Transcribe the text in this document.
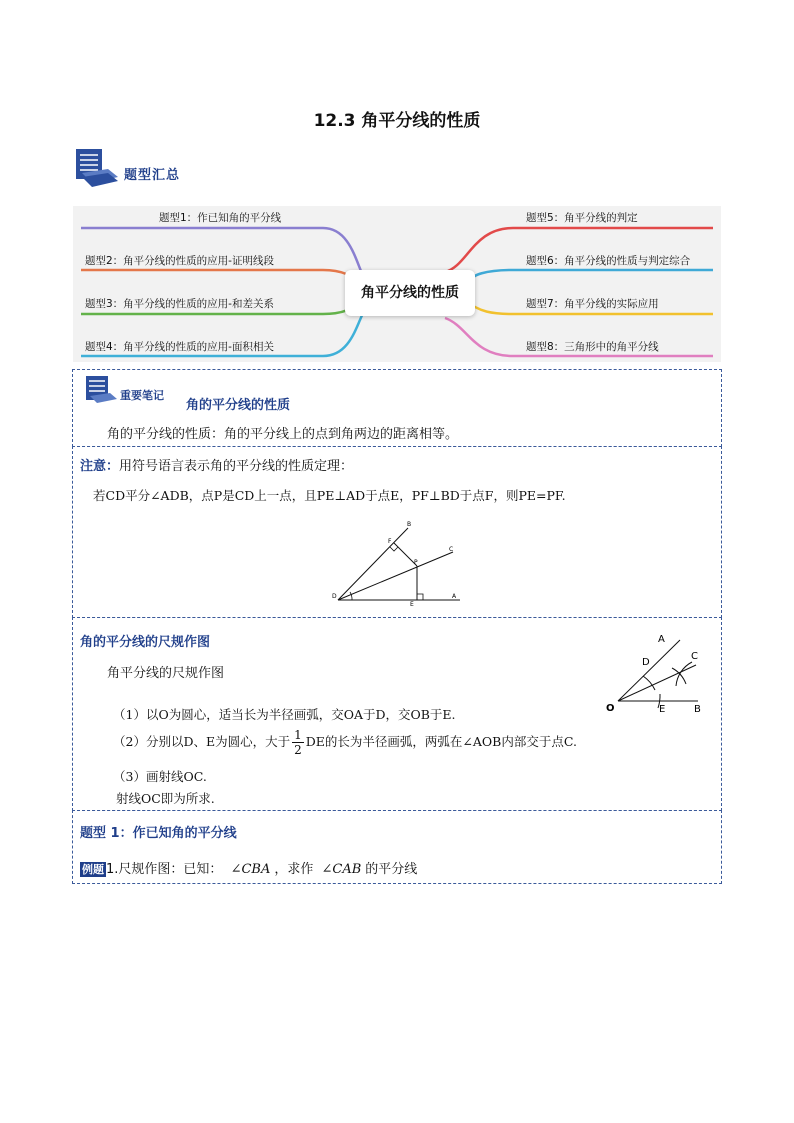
12.3 角平分线的性质
题型汇总
题型1：作已知角的平分线
题型2：角平分线的性质的应用-证明线段
题型3：角平分线的性质的应用-和差关系
题型4：角平分线的性质的应用-面积相关
题型5：角平分线的判定
题型6：角平分线的性质与判定综合
题型7：角平分线的实际应用
题型8：三角形中的角平分线
角平分线的性质
重要笔记
角的平分线的性质
角的平分线的性质：角的平分线上的点到角两边的距离相等。
注意：用符号语言表示角的平分线的性质定理：
若CD平分∠ADB，点P是CD上一点，且PE⊥AD于点E，PF⊥BD于点F，则PE=PF.
B
F
P
C
D
E
A
角的平分线的尺规作图
角平分线的尺规作图
（1）以O为圆心，适当长为半径画弧，交OA于D，交OB于E.
（2）分别以D、E为圆心，大于 $\frac{1}{2}$ DE的长为半径画弧，两弧在∠AOB内部交于点C.
（3）画射线OC.
射线OC即为所求.
A
D
C
O	E	B
题型 1：作已知角的平分线
例题 1.尺规作图：已知： ∠CBA ，求作 ∠CAB 的平分线
